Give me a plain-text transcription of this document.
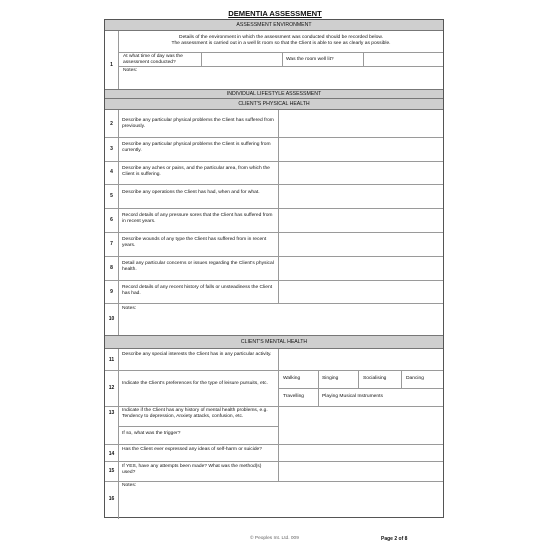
DEMENTIA ASSESSMENT
ASSESSMENT ENVIRONMENT
Details of the environment in which the assessment was conducted should be recorded below.
The assessment is carried out in a well lit room so that the Client is able to see as clearly as possible.
1
At what time of day was the assessment conducted?
Was the room well lit?
Notes:
INDIVIDUAL LIFESTYLE ASSESSMENT
CLIENT'S PHYSICAL HEALTH
2
Describe any particular physical problems the Client has suffered from previously.
3
Describe any particular physical problems the Client is suffering from currently.
4
Describe any aches or pains, and the particular area, from which the Client is suffering.
5
Describe any operations the Client has had, when and for what.
6
Record details of any pressure sores that the Client has suffered from in recent years.
7
Describe wounds of any type the Client has suffered from in recent years.
8
Detail any particular concerns or issues regarding the Client's physical health.
9
Record details of any recent history of falls or unsteadiness the Client has had.
Notes:
10
CLIENT'S MENTAL HEALTH
11
Describe any special interests the Client has in any particular activity.
12
Indicate the Client's preferences for the type of leisure pursuits, etc.
Walking	Singing	Socialising	Dancing
Travelling	Playing Musical Instruments
13	Indicate if the Client has any history of mental health problems, e.g. Tendency to depression, Anxiety attacks, confusion, etc.
If so, what was the trigger?
14
Has the Client ever expressed any ideas of self-harm or suicide?
15
If YES, have any attempts been made? What was the method(s) used?
Notes:
16
© Peoples Int. Ltd. 009	Page 2 of 8
